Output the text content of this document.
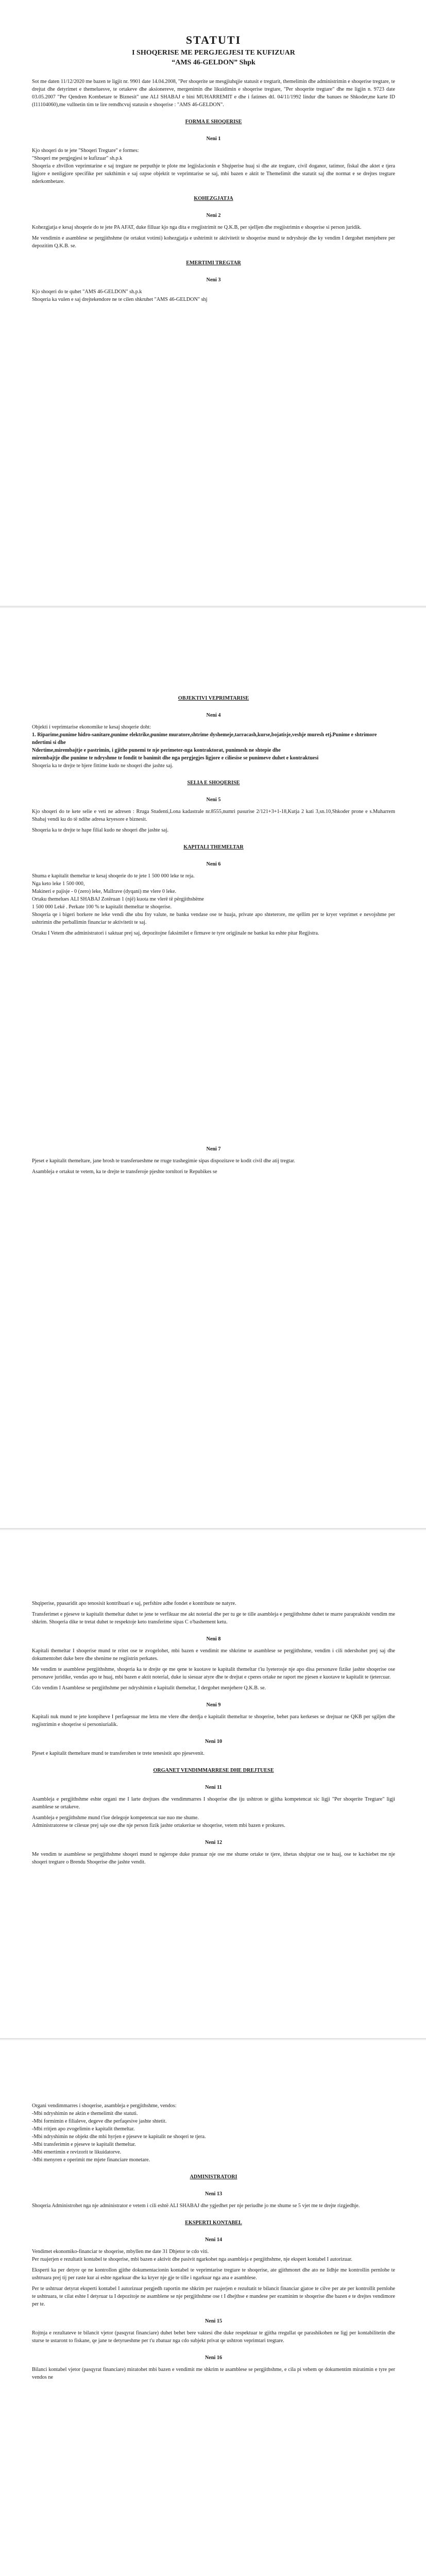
STATUTI

I SHOQERISE ME PERGJEGJESI TE KUFIZUAR

“AMS 46-GELDON” Shpk

Sot me daten 11/12/2020 me bazen te ligjit nr. 9901 date 14.04.2008, "Per shoqerite ue mesgjiuhqjie statusit e tregtarit, themelimin dhe administrimin e shoqerise tregtare, te drejtat dhe detyrimet e themeluesve, te ortakeve dhe aksionereve, mergenimin dhe likuidimin e shoqerise tregtare, "Per shoqerite tregtare" dhe me ligjin n. 9723 date 03.05.2007 "Per Qendren Kombetare te Biznesit" une ALI SHABAJ e bini MUHARREMIT e dhe i fatimes dtl. 04/11/1992 lindur dhe banues ne Shkoder,me karte ID (I11104060),me vullnetin tim te lire remdhcvuj statusin e shoqerise : "AMS 46-GELDON".

FORMA E SHOQERISE

Neni 1

Kjo shoqeri do te jete "Shoqeri Tregtare" e formes:

"Shoqeri me pergjegjesi te kufizuar" sh.p.k

Shoqeria e zhvillon veprimtarine e saj tregtare ne perputhje te plote me legjislacionin e Shqiperise huaj si dhe ate tregtare, civil doganor, tatimor, fiskal dhe aktet e tjera ligjore e nenligjore specifike per sukthimin e saj ozpse objektit te veprimtarise se saj, mbi bazen e aktit te Themelimit dhe statutit saj dhe normat e se drejtes tregtare nderkombetare.

KOHEZGJATJA

Neni 2

Kohezgjatja e kesaj shoqerie do te jete PA AFAT, duke filluar kjo nga dita e rregjistrimit ne Q.K.B, per sjelljen dhe rregjistrimin e shoqerise si person juridik.

Me vendimin e asamblese se pergjithshme (te ortakut votimi) kohezgjatja e ushtrimit te aktivitetit te shoqerise mund te ndryshoje dhe ky vendim I dergohet menjehere per depozitim Q.K.B. se.

EMERTIMI TREGTAR

Neni 3

Kjo shoqeri do te quhet "AMS 46-GELDON" sh.p.k

Shoqeria ka vulen e saj drejtekendore ne te cilen shkruhet "AMS 46-GELDON" shj

OBJEKTIVI VEPRIMTARISE

Neni 4

Objekti i veprimtarise ekonomike te kesaj shoqerie doht:

1. Riparime,punime hidro-sanitare,punime elektrike,punime muratore,shtrime dyshemeje,tarracash,kurse,bojatisje,veshje muresh etj.Punime e shtrimore ndertimi si dhe

Ndertime,mirembajtje e pastrimin, i gjithe punemi te nje perimeter-nga kontraktorat, punimesh ne shtepie dhe

mirembajtje dhe punime te ndryshme te fondit te banimit dhe nga pergjegjes ligjore e ciliesise se punimeve duhet e kontraktuesi

Shoqeria ka te drejte te bjere fittime kudo ne shoqeri dhe jashte saj.

SELIA E SHOQERISE

Neni 5

Kjo shoqeri do te kete selie e veti ne adresen : Rruga Studenti,Lona kadastrale nr.8555,numri pasurise 2/121+3+1-18,Kutja 2 kati 3,sn.10,Shkoder prone e s.Muharrem Shabaj vendi ku do të ndihe adresa kryesore e biznesit.

Shoqeria ka te drejte te hape filial kudo ne shoqeri dhe jashte saj.

KAPITALI THEMELTAR

Neni 6

Shuma e kapitalit themeltar te kesaj shoqerie do te jete 1 500 000 leke te reja.

Nga keto leke 1 500 000,

Makineri e pajisje - 0 (zero) leke, Mallrave (dyqani) me vlere 0 leke.

Ortaku themelues ALI SHABAJ Zotëruan 1 (një) kuota me vlerë të përgjithshëme

1 500 000 Lekë . Perkate 100 % te kapitalit themeltar te shoqerise.

Shoqeria qe i bigeri borkere ne leke vendi dhe ubu fny valute, ne banka vendase ose te huaja, private apo shteterore, me qellim per te kryer veprimet e nevojshme per ushtrimin dhe perballimin financiar te aktivitetit te saj.

Ortaku I Vetem dhe administratori i saktuar prej saj, depozitojne faksimilet e firmave te tyre origjinale ne bankat ku eshte pitar Regjistra.

Neni 7

Pjeset e kapitalit themeltare, jane brosh te transferueshme ne rruge trashegimie sipas dispozitave te kodit civil dhe atij tregtar.

Asambleja e ortakut te vetem, ka te drejte te transferoje pjeshte tornltori te Repubikes se

Shqiperise, ppasaridit apo tenosisit kontribuari e saj, perfshire adhe fondet e kontribute ne natyre.

Transferimet e pjeseve te kapitalit themeltar duhet te jene te verfikuar me akt noterial dhe per tu ge te tille asambleja e pergjithshme duhet te marre paraprakisht vendim me shkrim. Shoqeria dike te tretat duhet te respektoje keto transferime sipas C o'bashement ketu.

Neni 8

Kapitali themeltar I shoqerise mund te rritet ose te zvogelohet, mbi bazen e vendimit me shkrime te asamblese se pergjithshme, vendim i cili ndershohet prej saj dhe dokumentohet duke bere dhe shenime ne regjistrin perkates.

Me vendim te asamblese pergjithshme, shoqeria ka te drejte qe me qene te kuotave te kapitalit themeltar t'iu lyeterosje nje apo disa personave fizike jashte shoqerise ose personave juridike, vendas apo te huaj, mbi bazen e aktit noterial, duke iu siesuar atyre dhe te drejtat e cperes ortake ne raport me pjesen e kuotave te kapitalit te tjetercuar.

Cdo vendim I Asamblese se pergjithshme per ndryshimin e kapitalit themeltar, I dergohet menjehere Q.K.B. se.

Neni 9

Kapitali nuk mund te jete konpiheve I perfaqesuar me letra me vlere dhe derdja e kapitalit themeltar te shoqerise, behet para kerkeses se drejtuar ne QKB per sgiljen dhe regjistrimin e shoqerise si personiurialik.

Neni 10

Pjeset e kapitalit themeltare mund te transferohen te trete tenesistit apo pjesevenit.

ORGANET VENDIMMARRESE DHE DREJTUESE

Neni 11

Asambleja e pergjithshme eshte organi me I larte drejtues dhe vendimmarres I shoqerise dhe iju ushtron te gjitha kompetencat sic ligji "Per shoqerite Tregtare" ligji asamblese se ortakeve.

Asambleja e pergjithshme mund t'iue delegoje kompetencat sue nuo me shume.

Administratorese te cilesue prej saje ose dhe nje person fizik jashte ortakeriue se shoqerise, vetem mbi bazen e prokures.

Neni 12

Me vendim te asamblese se pergjithshme shoqeri mund te ngjerope duke pranuar nje ose me shume ortake te tjere, ithetas shqiptar ose te huaj, ose te kachiebet me nje shoqeri tregtare o Brendu Shoqerise dhe jashte vendit.

Organi vendimmarres i shoqerise, asambleja e pergjithshme, vendos:

-Mbi ndryshimin ne aktin e themelimit dhe statuti.

-Mbi formimin e filialeve, degeve dhe perfaqesive jashte shtetit.

-Mbi rritjen apo zvogelimin e kapitalit themeltar.

-Mbi ndryshimin ne objekt dhe mbi hyrjen e pjeseve te kapitalit ne shoqeri te tjera.

-Mbi transferimin e pjeseve te kapitalit themeltar.

-Mbi emertimin e revizorit te likuidatorve.

-Mbi menyren e operimit me mjete financiare monetare.

ADMINISTRATORI

Neni 13

Shoqeria Administrohet nga nje administrator e vetem i cili eshtë ALI SHABAJ dhe ygjedhet per nje periudhe jo me shume se 5 vjet me te drejte rizgjedhje.

EKSPERTI KONTABEL

Neni 14

Vendimet ekonomiko-financiar te shoqerise, mbyllen me date 31 Dhjetor te cdo viti.

Per ruajerjen e rezultatit kontabel te shoqerise, mbi bazen e aktivit dhe pasivit ngarkohet nga asambleja e pergjithshme, nje ekspert kontabel I autorizuar.

Eksperti ka per detyre qe ne kontrollon gjithe dokumentacionin kontabel te veprimtarise tregtare te shoqerise, ate gjithmonrt dhe ato ne lidhje me kontrollin pernlohe te ushtruara prej tij per raste kur ai eshte ngarkuar dhe ka kryer nje gje te tille i ngarkuar nga ana e asamblese.

Per te ushtruar detyrat eksperti kontabel I autorizuar pergjedh raportin me shkrim per ruajerjen e rezultatit te bilancit financiar gjatoe te cilve per ate per kontrollit pernlohe te ushtruara, te cilat eshte I detyruar ta I depozitoje ne asamblene se nje pergjithshme ose t I dhejthse e mandese per ezaminim te shoqerise dhe bazen e te drejtes vendimore per te.

Neni 15

Rojtnja e rezultateve te bilancit vjetor (pasqyrat financiare) duhet behet bere vaktesi dhe duke respektuar te gjitha rregullat qe parashikohen ne ligj per kontabilitetin dhe sturse te ustaront to fiskane, qe jane te detyrueshme per t'u zbatuar nga cdo subjekt privat qe ushtron veprimtari tregtare.

Neni 16

Bilanci kontabel vjetor (pasqyrat financiare) miratohet mbi bazen e vendimit me shkrim te asamblese se pergjithshme, e cila pi vehem qe dokumentim miratimin e tyre per vendos ne
